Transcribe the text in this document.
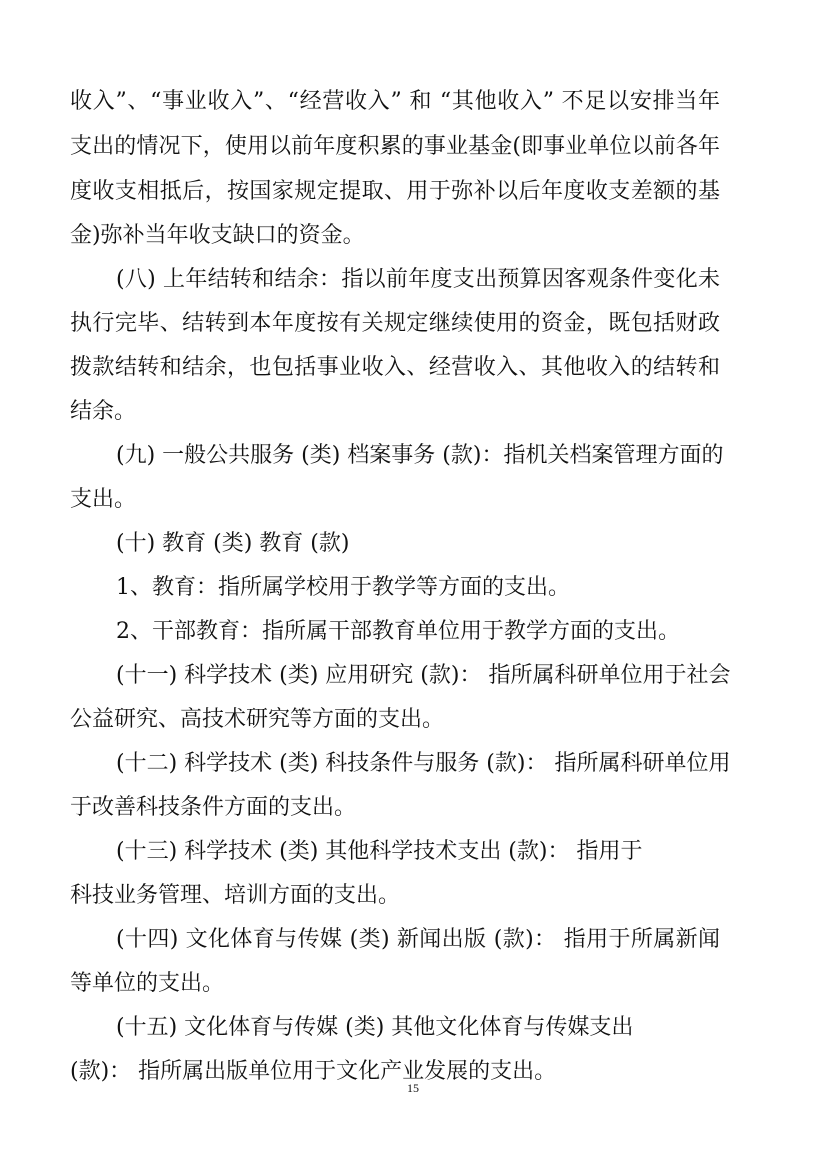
收入”、“事业收入”、“经营收入” 和 “其他收入” 不足以安排当年

支出的情况下，使用以前年度积累的事业基金(即事业单位以前各年

度收支相抵后，按国家规定提取、用于弥补以后年度收支差额的基

金)弥补当年收支缺口的资金。

(八) 上年结转和结余：指以前年度支出预算因客观条件变化未

执行完毕、结转到本年度按有关规定继续使用的资金，既包括财政

拨款结转和结余，也包括事业收入、经营收入、其他收入的结转和

结余。

(九) 一般公共服务 (类) 档案事务 (款)：指机关档案管理方面的

支出。

(十) 教育 (类) 教育 (款)

1、教育：指所属学校用于教学等方面的支出。

2、干部教育：指所属干部教育单位用于教学方面的支出。

(十一) 科学技术 (类) 应用研究 (款)： 指所属科研单位用于社会

公益研究、高技术研究等方面的支出。

(十二) 科学技术 (类) 科技条件与服务 (款)： 指所属科研单位用

于改善科技条件方面的支出。

(十三) 科学技术 (类) 其他科学技术支出 (款)： 指用于

科技业务管理、培训方面的支出。

(十四) 文化体育与传媒 (类) 新闻出版 (款)： 指用于所属新闻

等单位的支出。

(十五) 文化体育与传媒 (类) 其他文化体育与传媒支出

(款)： 指所属出版单位用于文化产业发展的支出。

15
